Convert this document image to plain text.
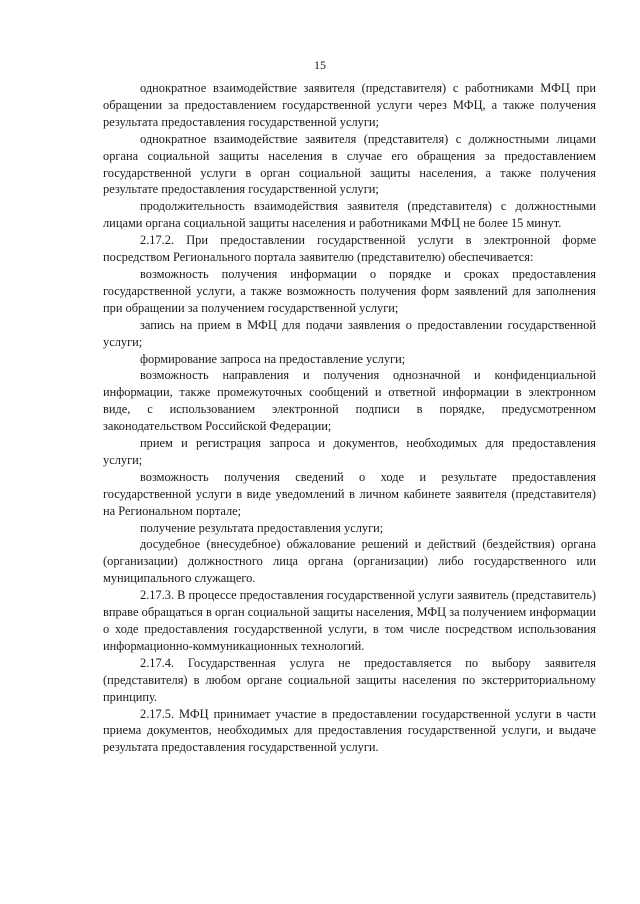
15

однократное взаимодействие заявителя (представителя) с работниками МФЦ при обращении за предоставлением государственной услуги через МФЦ, а также получения результата предоставления государственной услуги;

однократное взаимодействие заявителя (представителя) с должностными лицами органа социальной защиты населения в случае его обращения за предоставлением государственной услуги в орган социальной защиты населения, а также получения результате предоставления государственной услуги;

продолжительность взаимодействия заявителя (представителя) с должностными лицами органа социальной защиты населения и работниками МФЦ не более 15 минут.

2.17.2. При предоставлении государственной услуги в электронной форме посредством Регионального портала заявителю (представителю) обеспечивается:

возможность получения информации о порядке и сроках предоставления государственной услуги, а также возможность получения форм заявлений для заполнения при обращении за получением государственной услуги;

запись на прием в МФЦ для подачи заявления о предоставлении государственной услуги;

формирование запроса на предоставление услуги;

возможность направления и получения однозначной и конфиденциальной информации, также промежуточных сообщений и ответной информации в электронном виде, с использованием электронной подписи в порядке, предусмотренном законодательством Российской Федерации;

прием и регистрация запроса и документов, необходимых для предоставления услуги;

возможность получения сведений о ходе и результате предоставления государственной услуги в виде уведомлений в личном кабинете заявителя (представителя) на Региональном портале;

получение результата предоставления услуги;

досудебное (внесудебное) обжалование решений и действий (бездействия) органа (организации) должностного лица органа (организации) либо государственного или муниципального служащего.

2.17.3. В процессе предоставления государственной услуги заявитель (представитель) вправе обращаться в орган социальной защиты населения, МФЦ за получением информации о ходе предоставления государственной услуги, в том числе посредством использования информационно-коммуникационных технологий.

2.17.4. Государственная услуга не предоставляется по выбору заявителя (представителя) в любом органе социальной защиты населения по экстерриториальному принципу.

2.17.5. МФЦ принимает участие в предоставлении государственной услуги в части приема документов, необходимых для предоставления государственной услуги, и выдаче результата предоставления государственной услуги.
